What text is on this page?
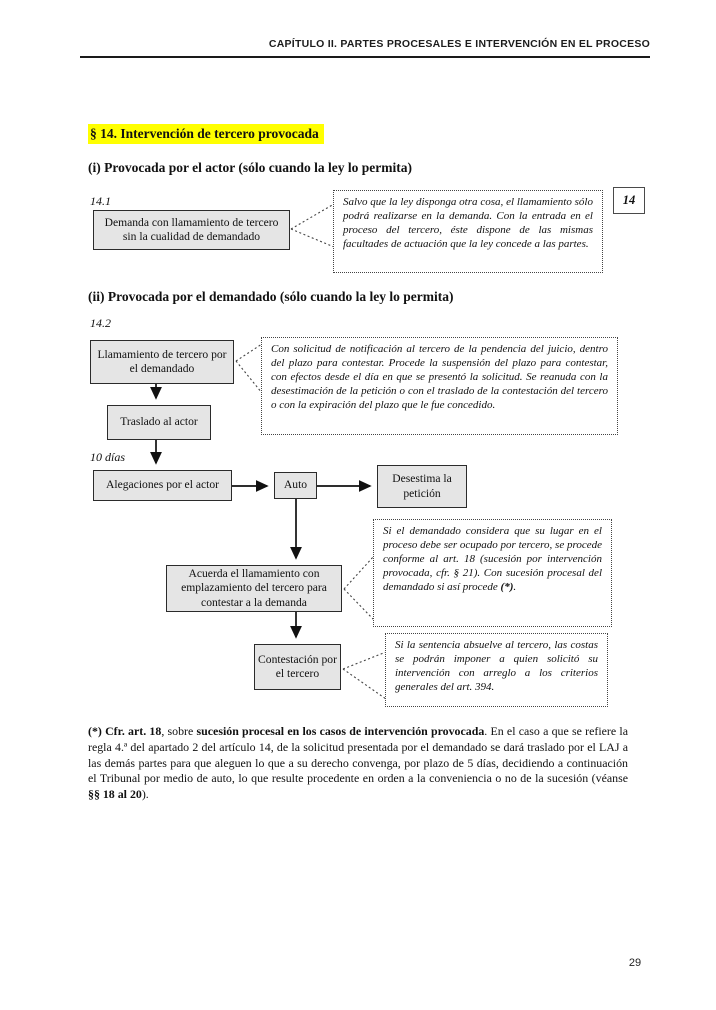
CAPÍTULO II. PARTES PROCESALES E INTERVENCIÓN EN EL PROCESO
§ 14. Intervención de tercero provocada
(i) Provocada por el actor (sólo cuando la ley lo permita)
14.1
Demanda con llamamiento de tercero sin la cualidad de demandado
Salvo que la ley disponga otra cosa, el llamamiento sólo podrá realizarse en la demanda. Con la entrada en el proceso del tercero, éste dispone de las mismas facultades de actuación que la ley concede a las partes.
14
(ii) Provocada por el demandado (sólo cuando la ley lo permita)
14.2
Llamamiento de tercero por el demandado
Con solicitud de notificación al tercero de la pendencia del juicio, dentro del plazo para contestar. Procede la suspensión del plazo para contestar, con efectos desde el día en que se presentó la solicitud. Se reanuda con la desestimación de la petición o con el traslado de la contestación del tercero o con la expiración del plazo que le fue concedido.
Traslado al actor
10 días
Alegaciones por el actor	Auto	Desestima la petición
Si el demandado considera que su lugar en el proceso debe ser ocupado por tercero, se procede conforme al art. 18 (sucesión por intervención provocada, cfr. § 21). Con sucesión procesal del demandado si así procede (*).
Acuerda el llamamiento con emplazamiento del tercero para contestar a la demanda
Si la sentencia absuelve al tercero, las costas se podrán imponer a quien solicitó su intervención con arreglo a los criterios generales del art. 394.
Contestación por el tercero
(*) Cfr. art. 18, sobre sucesión procesal en los casos de intervención provocada. En el caso a que se refiere la regla 4.ª del apartado 2 del artículo 14, de la solicitud presentada por el demandado se dará traslado por el LAJ a las demás partes para que aleguen lo que a su derecho convenga, por plazo de 5 días, decidiendo a continuación el Tribunal por medio de auto, lo que resulte procedente en orden a la conveniencia o no de la sucesión (véanse §§ 18 al 20).
29
